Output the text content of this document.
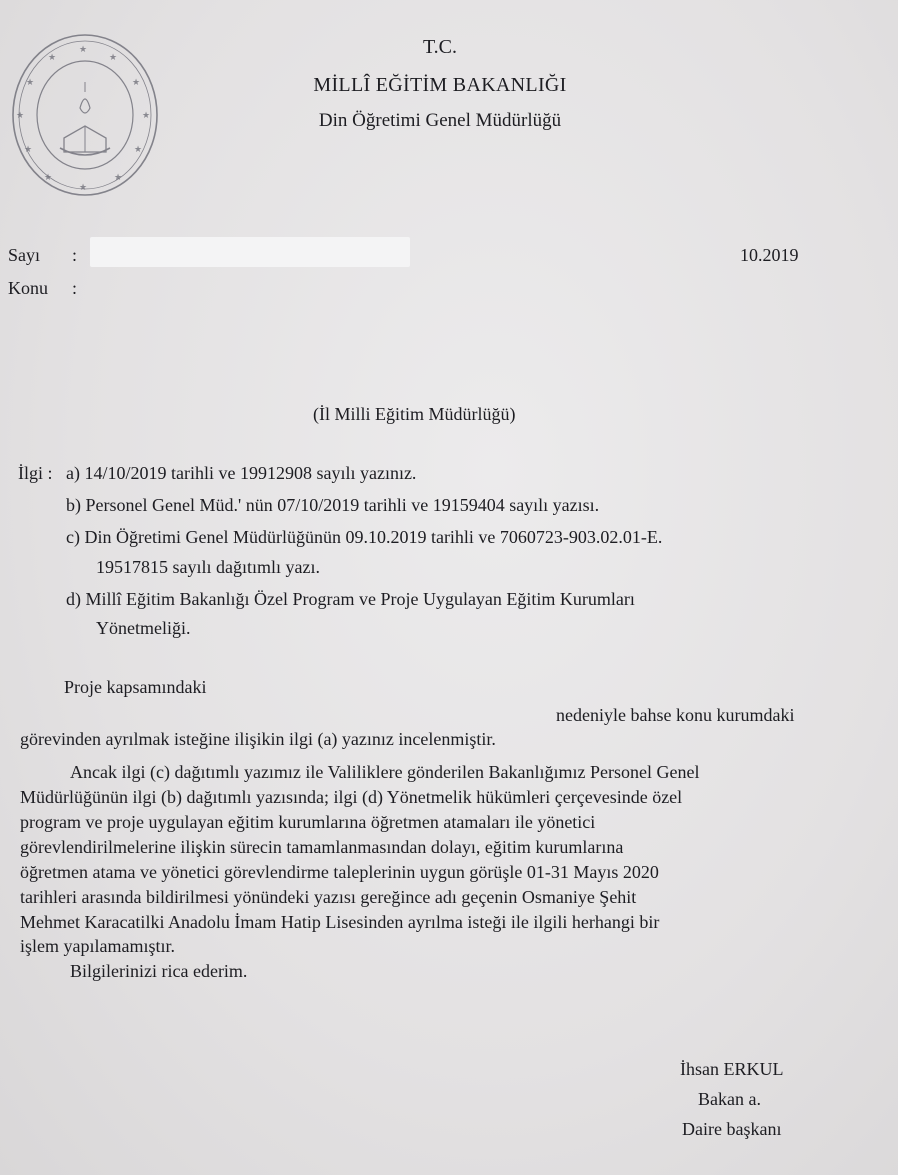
★
★	★
★	★
★	★
★	★
★	★
★
T.C.
MİLLÎ EĞİTİM BAKANLIĞI
Din Öğretimi Genel Müdürlüğü
Sayı :	10.2019
Konu :
(İl Milli Eğitim Müdürlüğü)
İlgi : a) 14/10/2019 tarihli ve 19912908 sayılı yazınız.
b) Personel Genel Müd.' nün 07/10/2019 tarihli ve 19159404 sayılı yazısı.
c) Din Öğretimi Genel Müdürlüğünün 09.10.2019 tarihli ve 7060723-903.02.01-E.
19517815 sayılı dağıtımlı yazı.
d) Millî Eğitim Bakanlığı Özel Program ve Proje Uygulayan Eğitim Kurumları
Yönetmeliği.
Proje kapsamındaki
nedeniyle bahse konu kurumdaki
görevinden ayrılmak isteğine ilişikin ilgi (a) yazınız incelenmiştir.
Ancak ilgi (c) dağıtımlı yazımız ile Valiliklere gönderilen Bakanlığımız Personel Genel
Müdürlüğünün ilgi (b) dağıtımlı yazısında; ilgi (d) Yönetmelik hükümleri çerçevesinde özel
program ve proje uygulayan eğitim kurumlarına öğretmen atamaları ile yönetici
görevlendirilmelerine ilişkin sürecin tamamlanmasından dolayı, eğitim kurumlarına
öğretmen atama ve yönetici görevlendirme taleplerinin uygun görüşle 01-31 Mayıs 2020
tarihleri arasında bildirilmesi yönündeki yazısı gereğince adı geçenin Osmaniye Şehit
Mehmet Karacatilki Anadolu İmam Hatip Lisesinden ayrılma isteği ile ilgili herhangi bir
işlem yapılamamıştır.
Bilgilerinizi rica ederim.
İhsan ERKUL
Bakan a.
Daire başkanı
